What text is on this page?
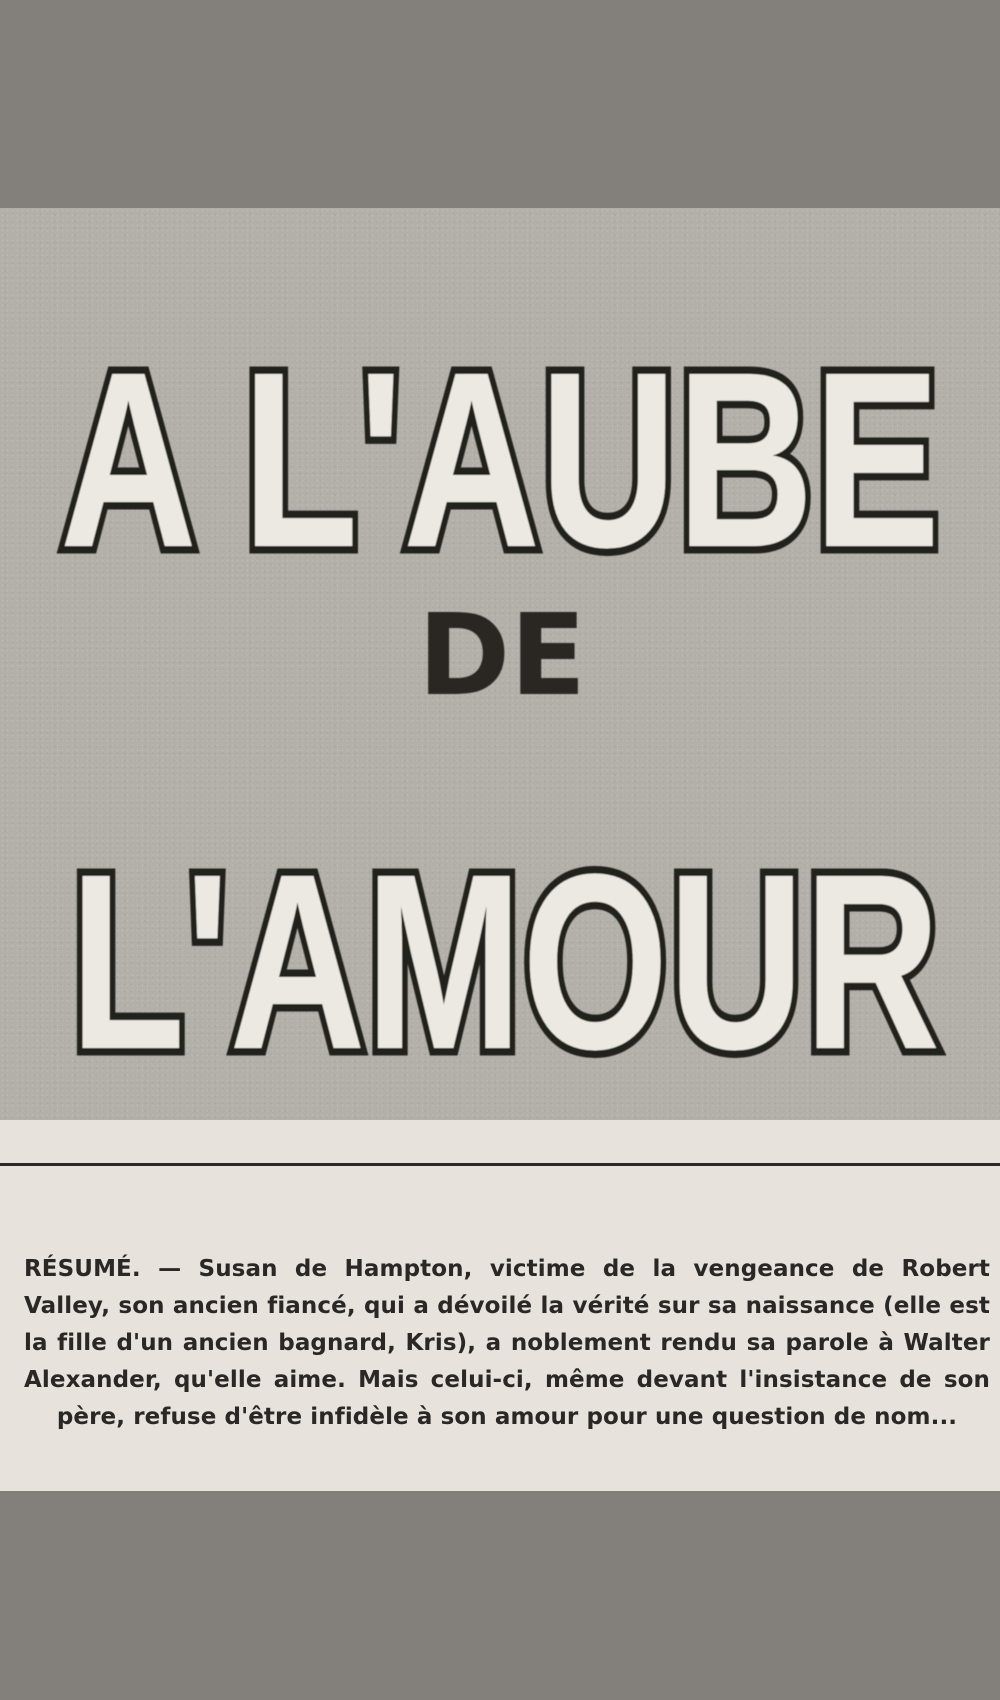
A L'AUBE
DE
L'AMOUR

RÉSUMÉ. — Susan de Hampton, victime de la vengeance de Robert Valley, son ancien fiancé, qui a dévoilé la vérité sur sa naissance (elle est la fille d'un ancien bagnard, Kris), a noblement rendu sa parole à Walter Alexander, qu'elle aime. Mais celui-ci, même devant l'insistance de son père, refuse d'être infidèle à son amour pour une question de nom...
